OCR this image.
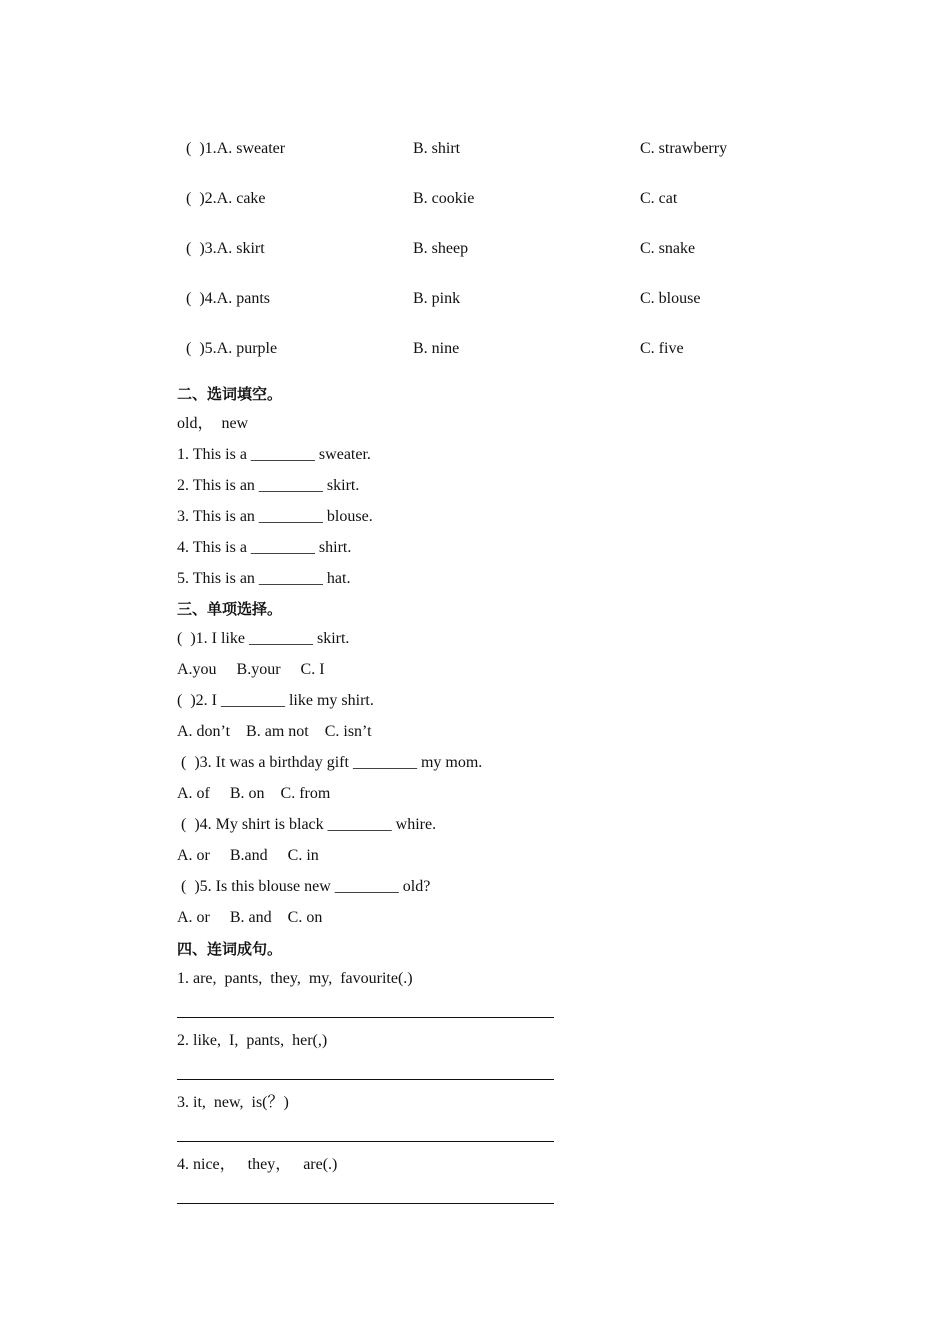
(  )1.A. sweater	B. shirt	C. strawberry
(  )2.A. cake	B. cookie	C. cat
(  )3.A. skirt	B. sheep	C. snake
(  )4.A. pants	B. pink	C. blouse
(  )5.A. purple	B. nine	C. five
二、选词填空。
old，  new
1. This is a ________ sweater.
2. This is an ________ skirt.
3. This is an ________ blouse.
4. This is a ________ shirt.
5. This is an ________ hat.
三、单项选择。
(  )1. I like ________ skirt.
A.you     B.your     C. I
(  )2. I ________ like my shirt.
A. don’t    B. am not    C. isn’t
(  )3. It was a birthday gift ________ my mom.
A. of     B. on    C. from
(  )4. My shirt is black ________ whire.
A. or     B.and     C. in
(  )5. Is this blouse new ________ old?
A. or     B. and    C. on
四、连词成句。
1. are,  pants,  they,  my,  favourite(.)
2. like,  I,  pants,  her(,)
3. it,  new,  is(？)
4. nice，   they，   are(.)
